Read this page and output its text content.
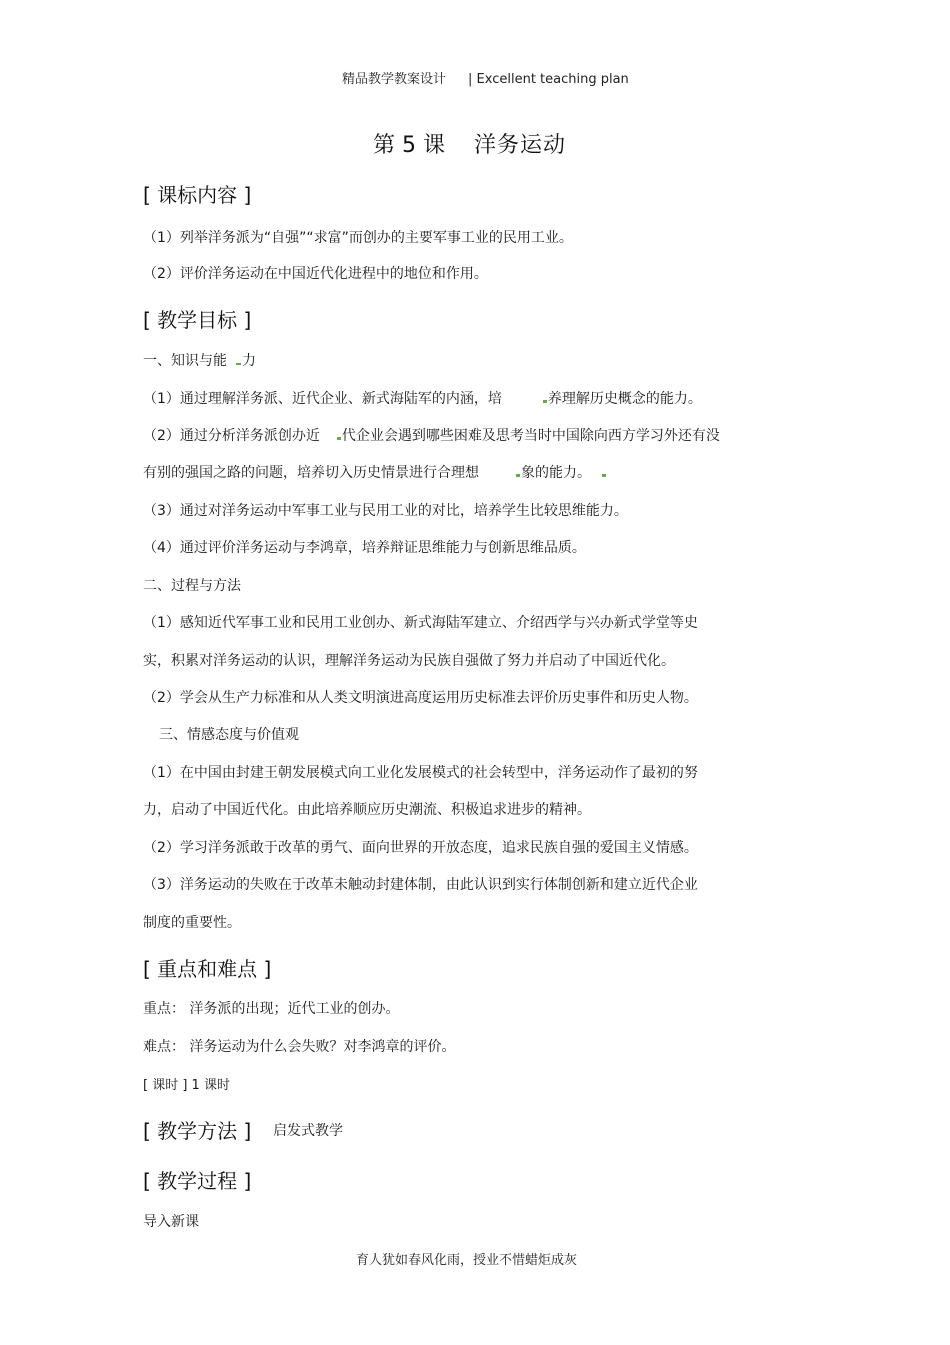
精品教学教案设计 | Excellent teaching plan
第 5 课 洋务运动
[ 课标内容 ]
（1）列举洋务派为“自强”“求富”而创办的主要军事工业的民用工业。
（2）评价洋务运动在中国近代化进程中的地位和作用。
[ 教学目标 ]
一、知识与能 力
（1）通过理解洋务派、近代企业、新式海陆军的内涵，培	养理解历史概念的能力。
（2）通过分析洋务派创办近 代企业会遇到哪些困难及思考当时中国除向西方学习外还有没
有别的强国之路的问题，培养切入历史情景进行合理想	象的能力。
（3）通过对洋务运动中军事工业与民用工业的对比，培养学生比较思维能力。
（4）通过评价洋务运动与李鸿章，培养辩证思维能力与创新思维品质。
二、过程与方法
（1）感知近代军事工业和民用工业创办、新式海陆军建立、介绍西学与兴办新式学堂等史
实，积累对洋务运动的认识，理解洋务运动为民族自强做了努力并启动了中国近代化。
（2）学会从生产力标准和从人类文明演进高度运用历史标准去评价历史事件和历史人物。
三、情感态度与价值观
（1）在中国由封建王朝发展模式向工业化发展模式的社会转型中，洋务运动作了最初的努
力，启动了中国近代化。由此培养顺应历史潮流、积极追求进步的精神。
（2）学习洋务派敢于改革的勇气、面向世界的开放态度，追求民族自强的爱国主义情感。
（3）洋务运动的失败在于改革未触动封建体制，由此认识到实行体制创新和建立近代企业
制度的重要性。
[ 重点和难点 ]
重点： 洋务派的出现；近代工业的创办。
难点： 洋务运动为什么会失败？对李鸿章的评价。
[ 课时 ] 1 课时
[ 教学方法 ] 启发式教学
[ 教学过程 ]
导入新课
育人犹如春风化雨，授业不惜蜡炬成灰
